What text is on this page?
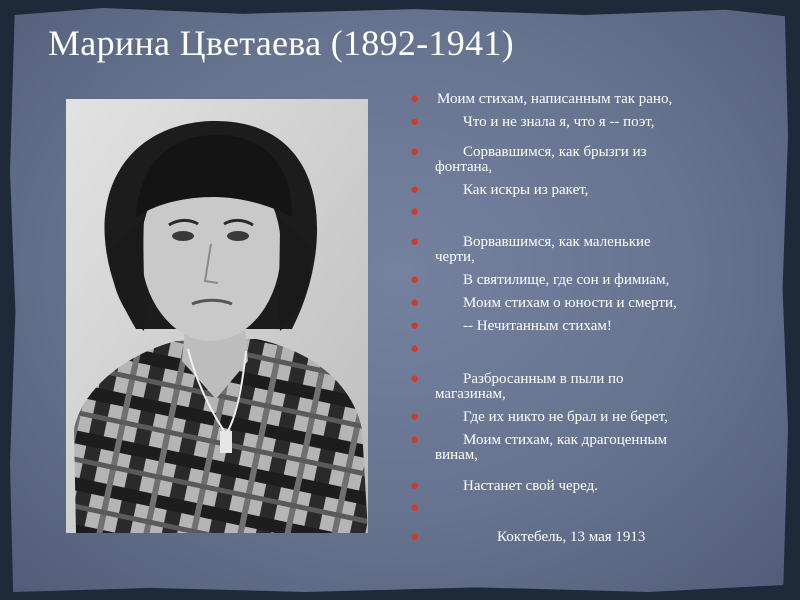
Марина Цветаева (1892-1941)
● Моим стихам, написанным так рано,
●	Что и не знала я, что я -- поэт,
●	Сорвавшимся, как брызги из
фонтана,
●	Как искры из ракет,
●
●	Ворвавшимся, как маленькие
черти,
●	В святилище, где сон и фимиам,
●	Моим стихам о юности и смерти,
●	-- Нечитанным стихам!
●
●	Разбросанным в пыли по
магазинам,
●	Где их никто не брал и не берет,
●	Моим стихам, как драгоценным
винам,
●	Настанет свой черед.
●
●	Коктебель, 13 мая 1913
